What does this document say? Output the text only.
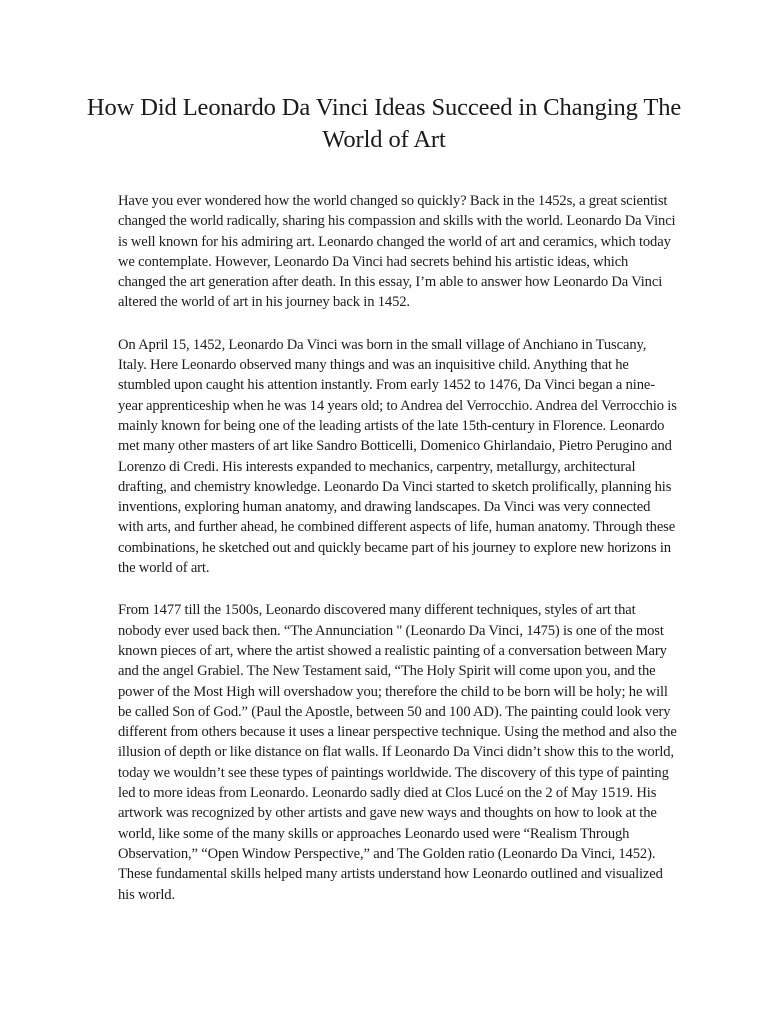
How Did Leonardo Da Vinci Ideas Succeed in Changing The World of Art

Have you ever wondered how the world changed so quickly? Back in the 1452s, a great scientist changed the world radically, sharing his compassion and skills with the world. Leonardo Da Vinci is well known for his admiring art. Leonardo changed the world of art and ceramics, which today we contemplate. However, Leonardo Da Vinci had secrets behind his artistic ideas, which changed the art generation after death. In this essay, I’m able to answer how Leonardo Da Vinci altered the world of art in his journey back in 1452.

On April 15, 1452, Leonardo Da Vinci was born in the small village of Anchiano in Tuscany, Italy. Here Leonardo observed many things and was an inquisitive child. Anything that he stumbled upon caught his attention instantly. From early 1452 to 1476, Da Vinci began a nine-year apprenticeship when he was 14 years old; to Andrea del Verrocchio. Andrea del Verrocchio is mainly known for being one of the leading artists of the late 15th-century in Florence. Leonardo met many other masters of art like Sandro Botticelli, Domenico Ghirlandaio, Pietro Perugino and Lorenzo di Credi. His interests expanded to mechanics, carpentry, metallurgy, architectural drafting, and chemistry knowledge. Leonardo Da Vinci started to sketch prolifically, planning his inventions, exploring human anatomy, and drawing landscapes. Da Vinci was very connected with arts, and further ahead, he combined different aspects of life, human anatomy. Through these combinations, he sketched out and quickly became part of his journey to explore new horizons in the world of art.

From 1477 till the 1500s, Leonardo discovered many different techniques, styles of art that nobody ever used back then. “The Annunciation " (Leonardo Da Vinci, 1475) is one of the most known pieces of art, where the artist showed a realistic painting of a conversation between Mary and the angel Grabiel. The New Testament said, “The Holy Spirit will come upon you, and the power of the Most High will overshadow you; therefore the child to be born will be holy; he will be called Son of God.” (Paul the Apostle, between 50 and 100 AD). The painting could look very different from others because it uses a linear perspective technique. Using the method and also the illusion of depth or like distance on flat walls. If Leonardo Da Vinci didn’t show this to the world, today we wouldn’t see these types of paintings worldwide. The discovery of this type of painting led to more ideas from Leonardo. Leonardo sadly died at Clos Lucé on the 2 of May 1519. His artwork was recognized by other artists and gave new ways and thoughts on how to look at the world, like some of the many skills or approaches Leonardo used were “Realism Through Observation,” “Open Window Perspective,” and The Golden ratio (Leonardo Da Vinci, 1452). These fundamental skills helped many artists understand how Leonardo outlined and visualized his world.
